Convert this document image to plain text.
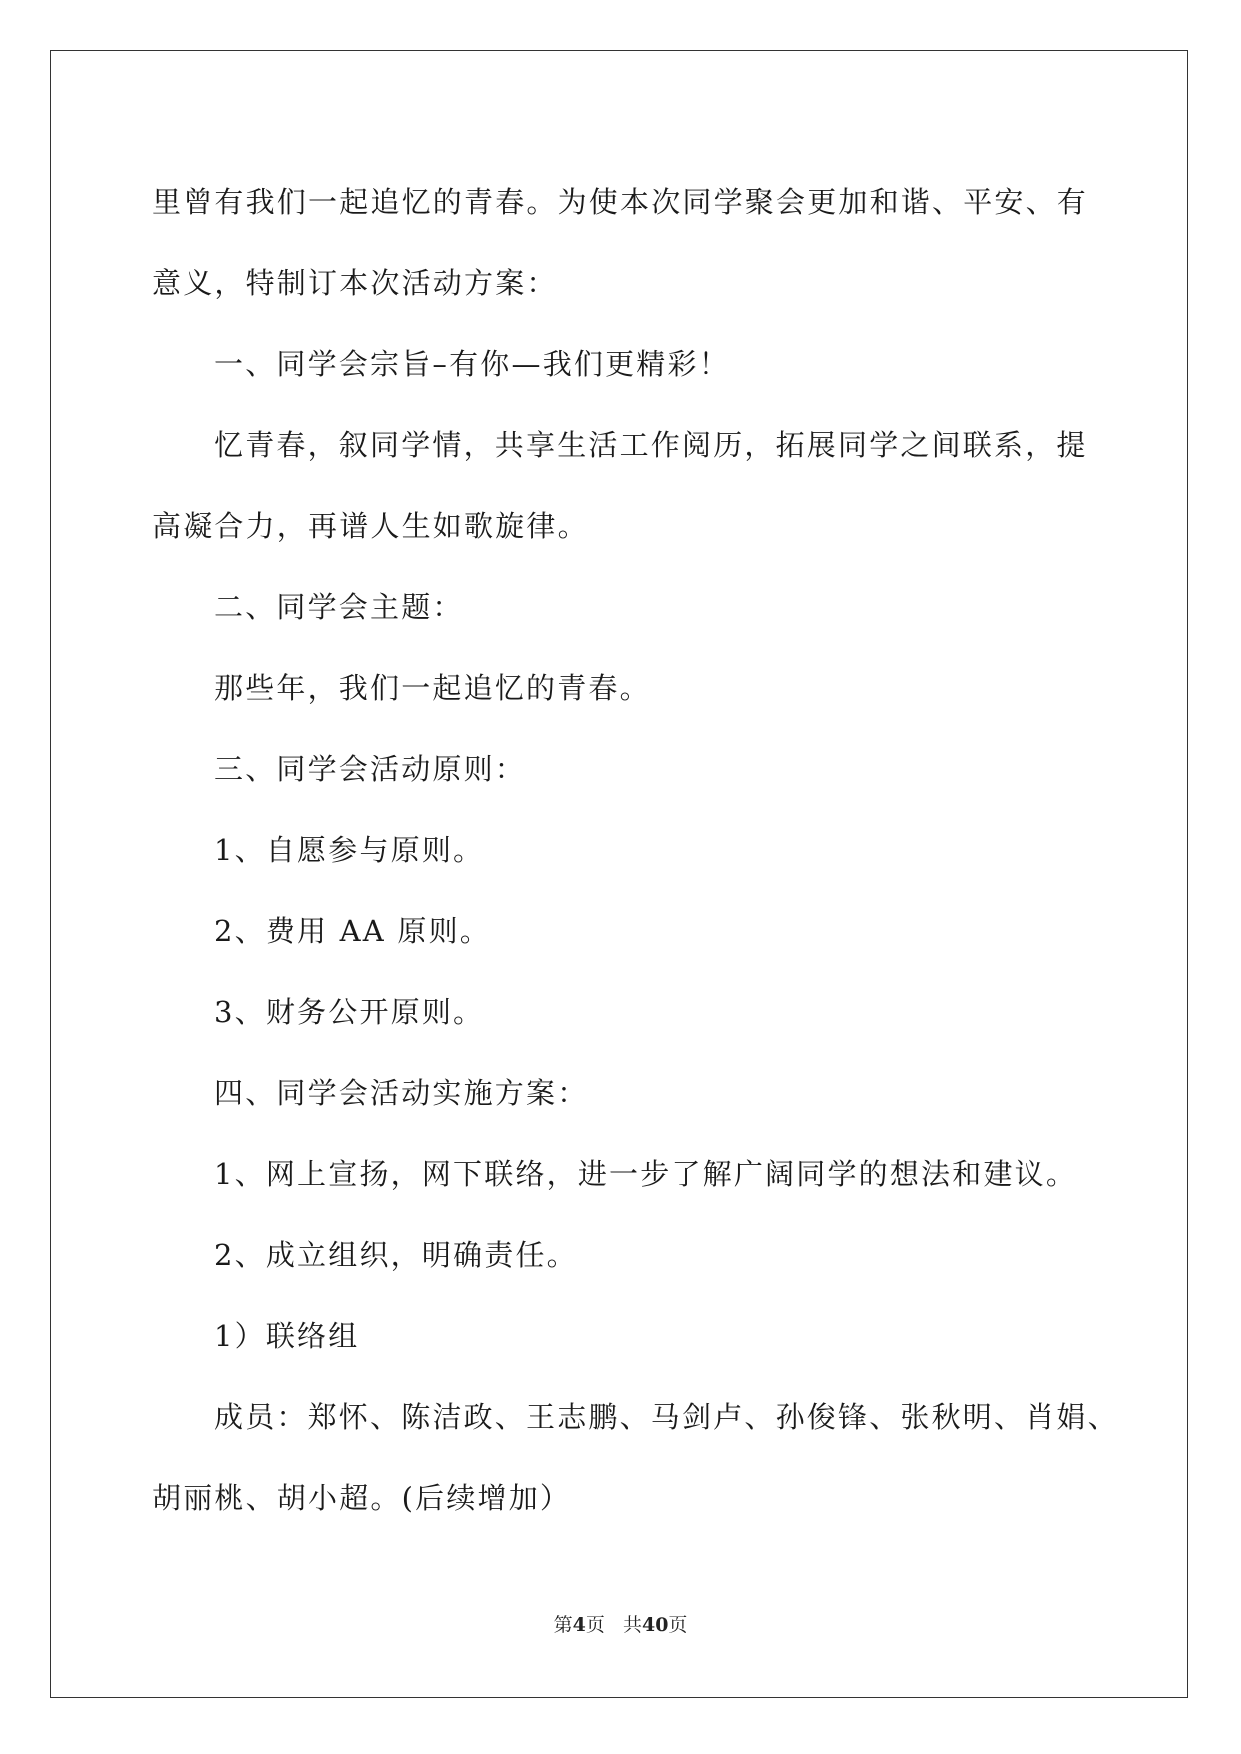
里曾有我们一起追忆的青春。为使本次同学聚会更加和谐、平安、有
意义，特制订本次活动方案：
一、同学会宗旨–有你—我们更精彩！
忆青春，叙同学情，共享生活工作阅历，拓展同学之间联系，提
高凝合力，再谱人生如歌旋律。
二、同学会主题：
那些年，我们一起追忆的青春。
三、同学会活动原则：
1、自愿参与原则。
2、费用 AA 原则。
3、财务公开原则。
四、同学会活动实施方案：
1、网上宣扬，网下联络，进一步了解广阔同学的想法和建议。
2、成立组织，明确责任。
1）联络组
成员：郑怀、陈洁政、王志鹏、马剑卢、孙俊锋、张秋明、肖娟、
胡丽桃、胡小超。(后续增加）
第4页 共40页
